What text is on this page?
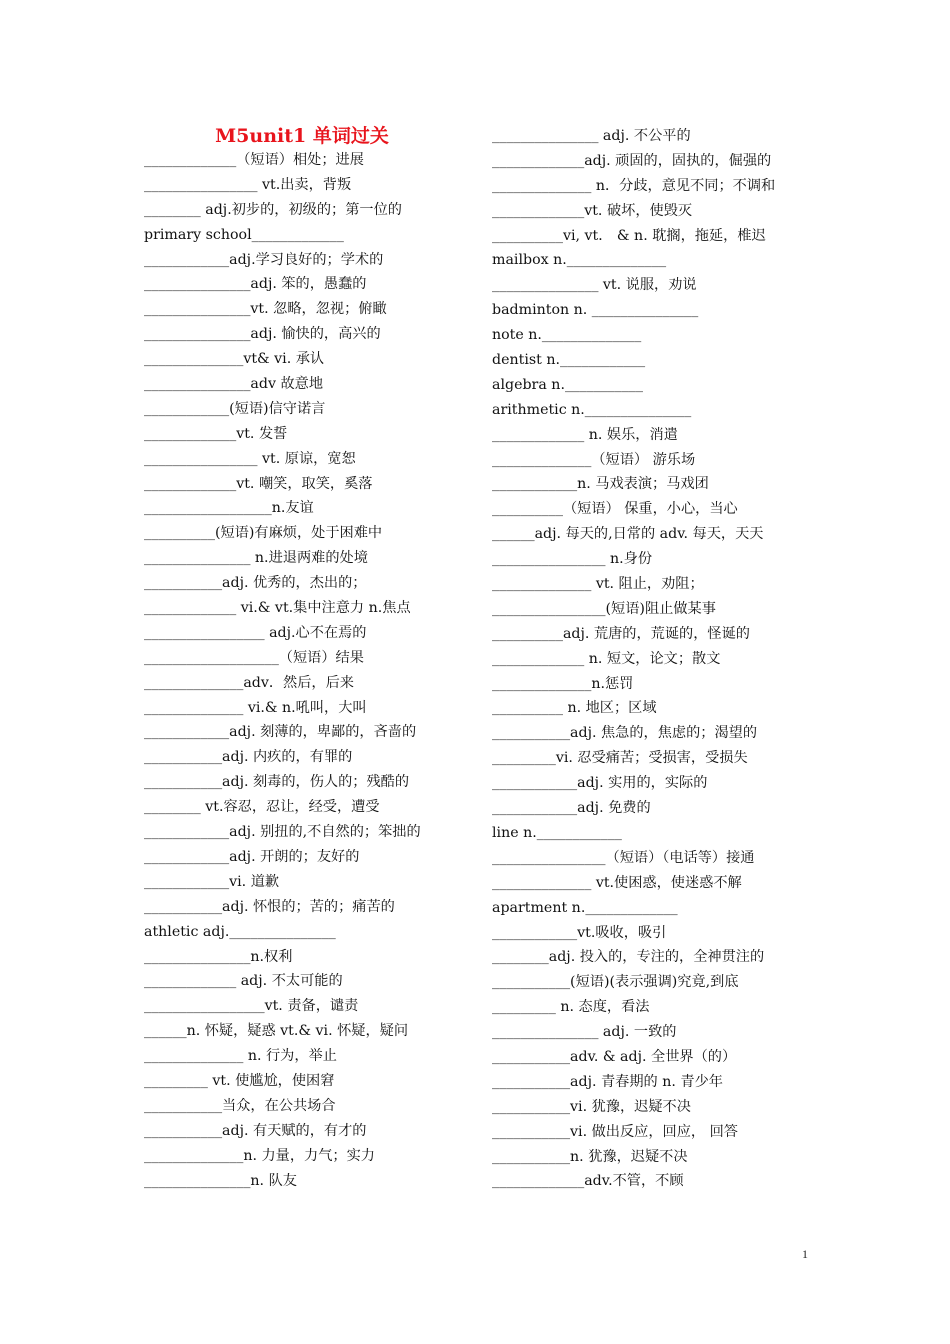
M5unit1 单词过关
_____________（短语）相处；进展
________________ vt.出卖，背叛
________ adj.初步的，初级的；第一位的
primary school_____________
____________adj.学习良好的；学术的
_______________adj. 笨的，愚蠢的
_______________vt. 忽略，忽视；俯瞰
_______________adj. 愉快的，高兴的
______________vt& vi. 承认
_______________adv 故意地
____________(短语)信守诺言
_____________vt. 发誓
________________ vt. 原谅，宽恕
_____________vt. 嘲笑，取笑，奚落
__________________n.友谊
__________(短语)有麻烦，处于困难中
_______________ n.进退两难的处境
___________adj. 优秀的，杰出的；
_____________ vi.& vt.集中注意力 n.焦点
_________________ adj.心不在焉的
___________________（短语）结果
______________adv．然后，后来
______________ vi.& n.吼叫，大叫
____________adj. 刻薄的，卑鄙的，吝啬的
___________adj. 内疚的，有罪的
___________adj. 刻毒的，伤人的；残酷的
________ vt.容忍，忍让，经受，遭受
____________adj. 别扭的,不自然的；笨拙的
____________adj. 开朗的；友好的
____________vi. 道歉
___________adj. 怀恨的；苦的；痛苦的
athletic adj._______________
_______________n.权利
_____________ adj. 不太可能的
_________________vt. 责备，谴责
______n. 怀疑，疑惑 vt.& vi. 怀疑，疑问
______________ n. 行为，举止
_________ vt. 使尴尬，使困窘
___________当众，在公共场合
___________adj. 有天赋的，有才的
______________n. 力量，力气；实力
_______________n. 队友
_______________ adj. 不公平的
_____________adj. 顽固的，固执的，倔强的
______________ n．分歧，意见不同；不调和
_____________vt. 破坏，使毁灭
__________vi, vt． & n. 耽搁，拖延，椎迟
mailbox n.______________
_______________ vt. 说服，劝说
badminton n. _______________
note n.______________
dentist n.____________
algebra n.___________
arithmetic n._______________
_____________ n. 娱乐，消遣
______________（短语） 游乐场
____________n. 马戏表演；马戏团
__________（短语） 保重，小心，当心
______adj. 每天的,日常的 adv. 每天，天天
________________ n.身份
______________ vt. 阻止，劝阻；
________________(短语)阻止做某事
__________adj. 荒唐的，荒诞的，怪诞的
_____________ n. 短文，论文；散文
______________n.惩罚
__________ n. 地区；区域
___________adj. 焦急的，焦虑的；渴望的
_________vi. 忍受痛苦；受损害，受损失
____________adj. 实用的，实际的
____________adj. 免费的
line n.____________
________________（短语）（电话等）接通
______________ vt.使困惑，使迷惑不解
apartment n._____________
____________vt.吸收，吸引
________adj. 投入的，专注的，全神贯注的
___________(短语)(表示强调)究竟,到底
_________ n. 态度，看法
_______________ adj. 一致的
___________adv. & adj. 全世界（的）
___________adj. 青春期的 n. 青少年
___________vi. 犹豫，迟疑不决
___________vi. 做出反应，回应， 回答
___________n. 犹豫，迟疑不决
_____________adv.不管，不顾
1
